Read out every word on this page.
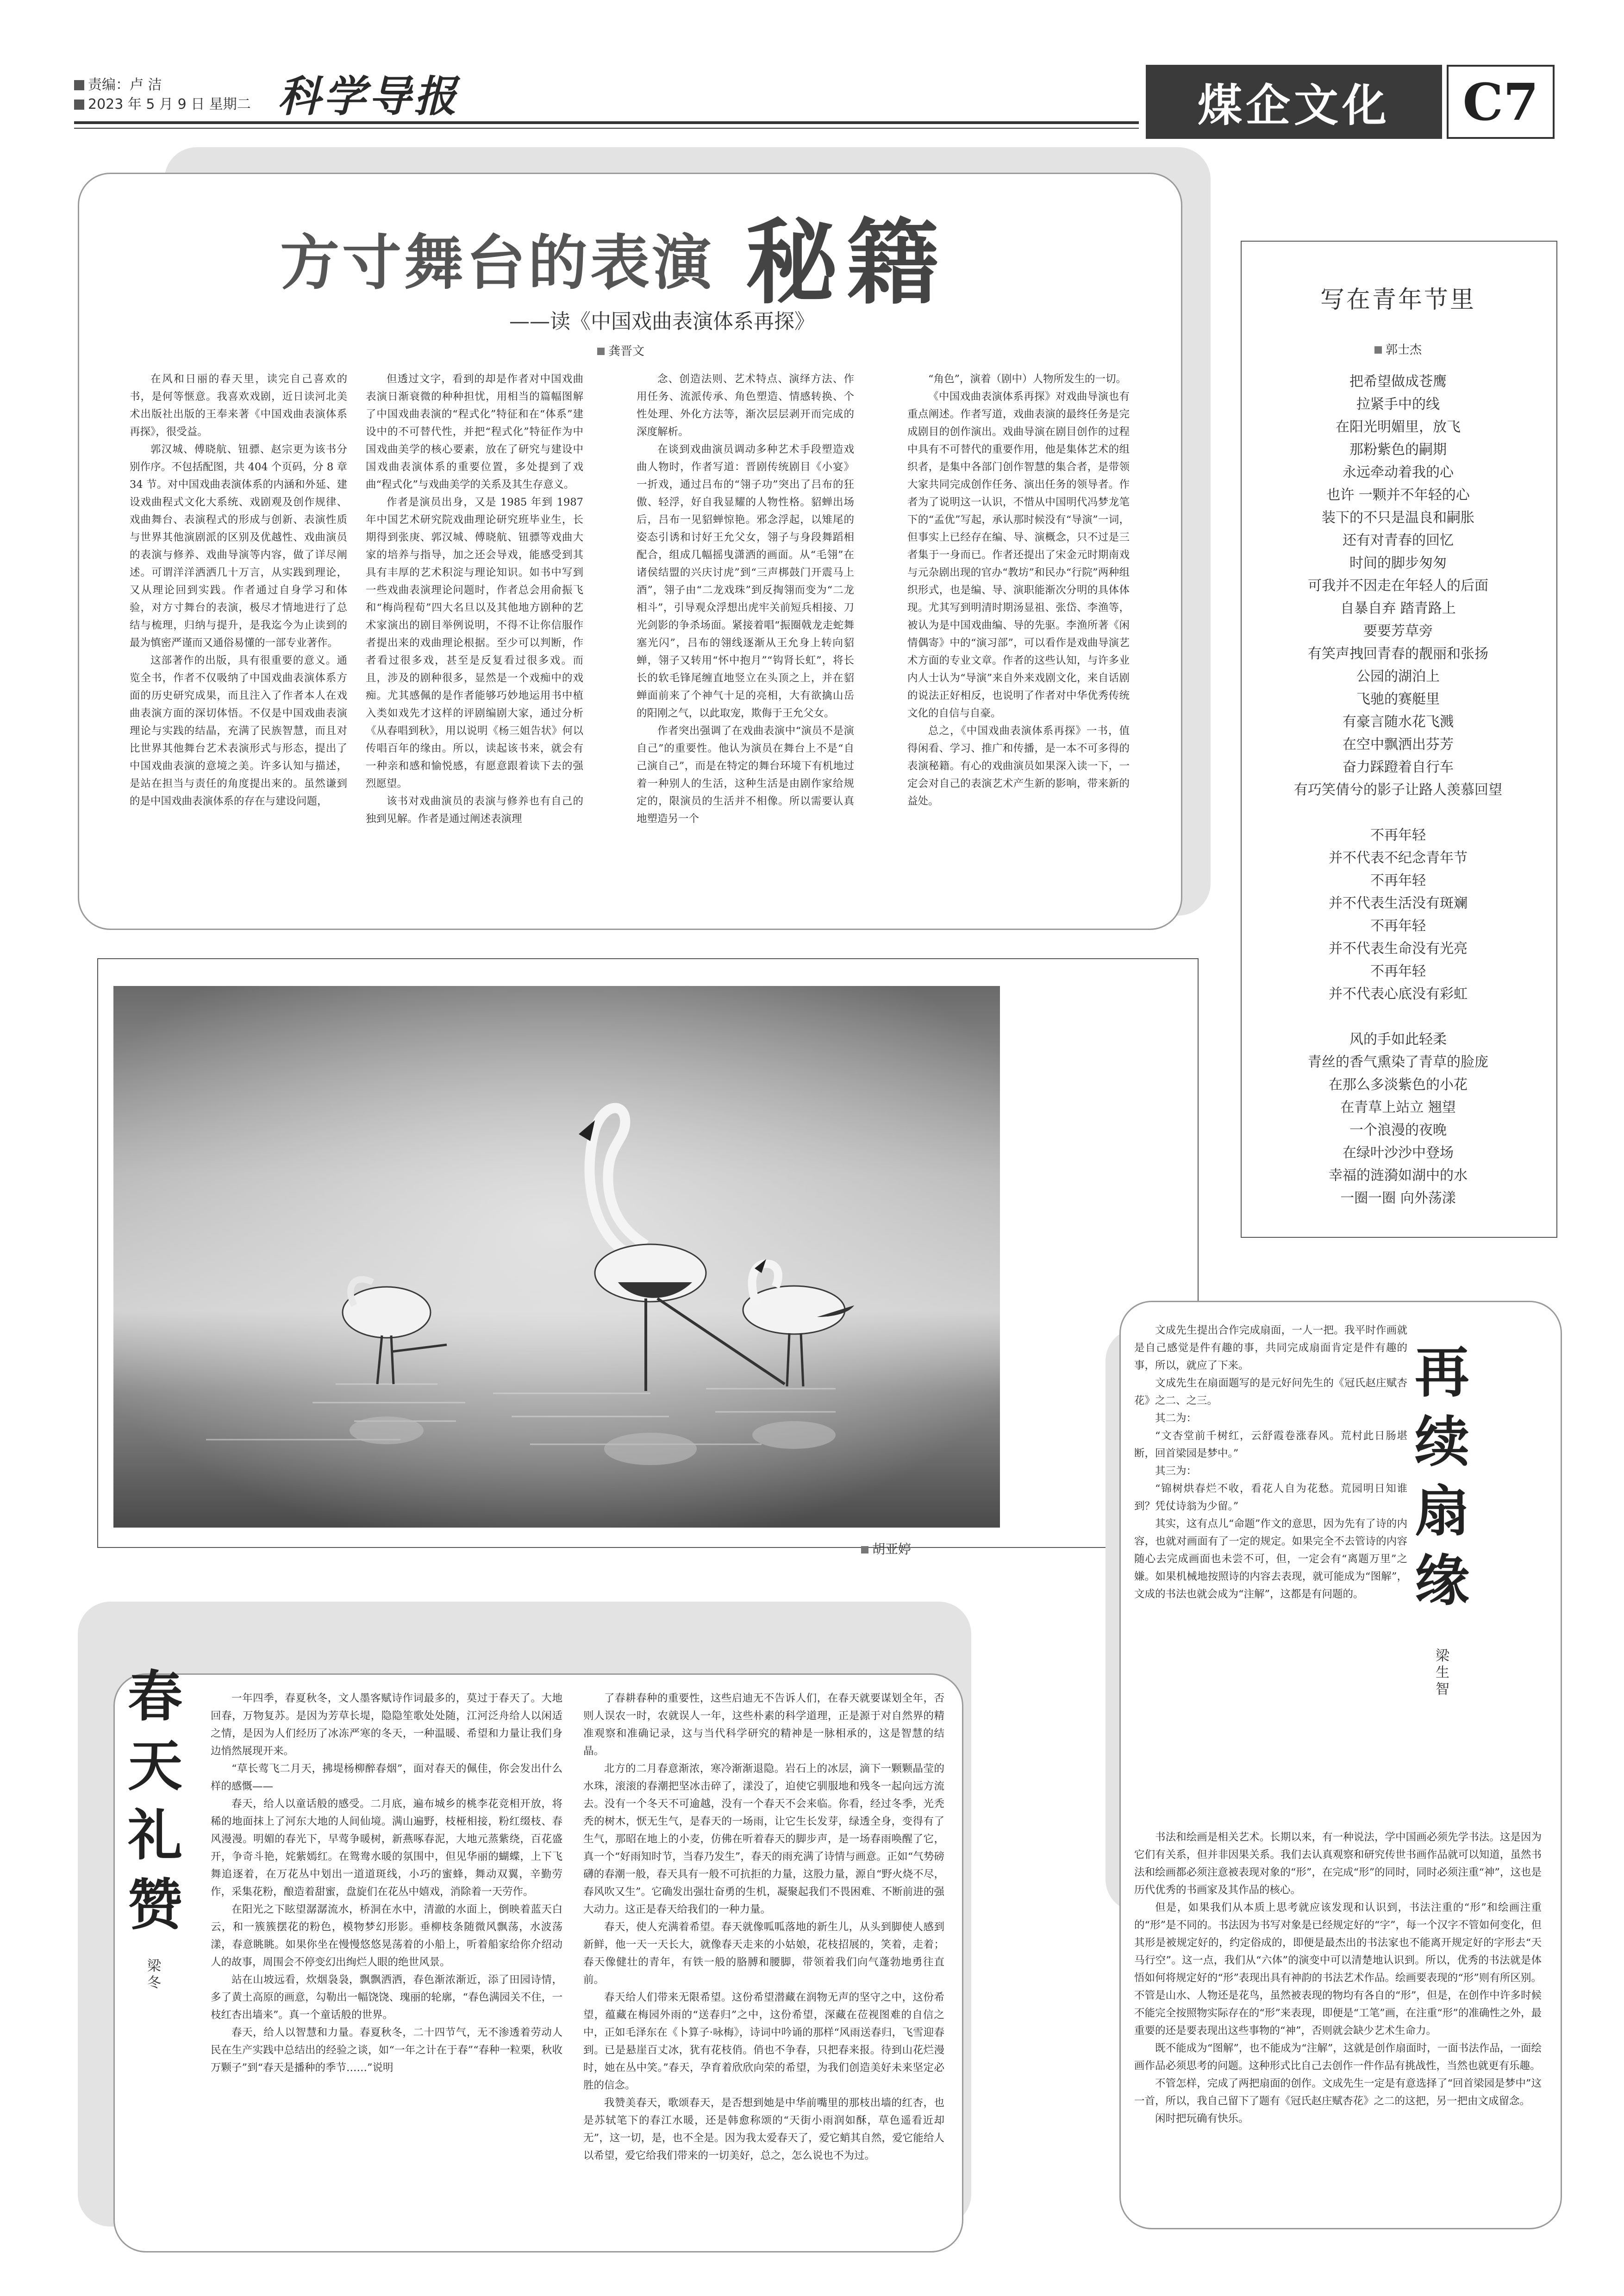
责编：卢 洁
2023 年 5 月 9 日 星期二 科学导报	煤企文化	C7
方寸舞台的表演 秘籍
——读《中国戏曲表演体系再探》
龚晋文

在风和日丽的春天里，读完自己喜欢的书，是何等惬意。我喜欢戏剧，近日读河北美术出版社出版的王奉来著《中国戏曲表演体系再探》，很受益。

郭汉城、傅晓航、钮骠、赵宗更为该书分别作序。不包括配图，共 404 个页码，分 8 章 34 节。对中国戏曲表演体系的内涵和外延、建设戏曲程式文化大系统、戏剧观及创作规律、戏曲舞台、表演程式的形成与创新、表演性质与世界其他演剧派的区别及优越性、戏曲演员的表演与修养、戏曲导演等内容，做了详尽阐述。可谓洋洋洒洒几十万言，从实践到理论，又从理论回到实践。作者通过自身学习和体验，对方寸舞台的表演，极尽才情地进行了总结与梳理，归纳与提升，是我迄今为止读到的最为慎密严谨而又通俗易懂的一部专业著作。

这部著作的出版，具有很重要的意义。通览全书，作者不仅吸纳了中国戏曲表演体系方面的历史研究成果，而且注入了作者本人在戏曲表演方面的深切体悟。不仅是中国戏曲表演理论与实践的结晶，充满了民族智慧，而且对比世界其他舞台艺术表演形式与形态，提出了中国戏曲表演的意境之美。许多认知与描述，是站在担当与责任的角度提出来的。虽然谦到的是中国戏曲表演体系的存在与建设问题，

但透过文字，看到的却是作者对中国戏曲表演日渐衰微的种种担忧，用相当的篇幅图解了中国戏曲表演的“程式化”特征和在“体系”建设中的不可替代性，并把“程式化”特征作为中国戏曲美学的核心要素，放在了研究与建设中国戏曲表演体系的重要位置，多处提到了戏曲“程式化”与戏曲美学的关系及其生存意义。

作者是演员出身，又是 1985 年到 1987 年中国艺术研究院戏曲理论研究班毕业生，长期得到张庚、郭汉城、傅晓航、钮骠等戏曲大家的培养与指导，加之还会导戏，能感受到其具有丰厚的艺术积淀与理论知识。如书中写到一些戏曲表演理论问题时，作者总会用俞振飞和“梅尚程荀”四大名旦以及其他地方剧种的艺术家演出的剧目举例说明，不得不让你信服作者提出来的戏曲理论根据。至少可以判断，作者看过很多戏，甚至是反复看过很多戏。而且，涉及的剧种很多，显然是一个戏痴中的戏痴。尤其感佩的是作者能够巧妙地运用书中植入类如戏先才这样的评剧编剧大家，通过分析《从春唱到秋》，用以说明《杨三姐告状》何以传唱百年的缘由。所以，读起该书来，就会有一种亲和感和愉悦感，有愿意跟着读下去的强烈愿望。

该书对戏曲演员的表演与修养也有自己的独到见解。作者是通过阐述表演理

念、创造法则、艺术特点、演绎方法、作用任务、流派传承、角色塑造、情感转换、个性处理、外化方法等，渐次层层剥开而完成的深度解析。

在谈到戏曲演员调动多种艺术手段塑造戏曲人物时，作者写道：晋剧传统剧目《小宴》一折戏，通过吕布的“翎子功”突出了吕布的狂傲、轻浮，好自我显耀的人物性格。貂蝉出场后，吕布一见貂蝉惊艳。邪念浮起，以雉尾的姿态引诱和讨好王允父女，翎子与身段舞蹈相配合，组成几幅摇曳潇洒的画面。从“毛翎”在诸侯结盟的兴庆讨虎”到“三声梆鼓门开震马上酒”，翎子由“二龙戏珠”到反掏翎而变为“二龙相斗”，引导观众浮想出虎牢关前短兵相接、刀光剑影的争杀场面。紧接着唱“振圈戟龙走蛇舞塞光闪”，吕布的翎线逐渐从王允身上转向貂蝉，翎子又转用“怀中抱月”“钩肾长虹”，将长长的软毛锋尾缠直地竖立在头顶之上，并在貂蝉面前来了个神气十足的亮相，大有欲擒山岳的阳刚之气，以此取宠，欺侮于王允父女。

作者突出强调了在戏曲表演中“演员不是演自己”的重要性。他认为演员在舞台上不是“自己演自己”，而是在特定的舞台环境下有机地过着一种别人的生活，这种生活是由剧作家给规定的，限演员的生活并不相像。所以需要认真地塑造另一个

“角色”，演着（剧中）人物所发生的一切。

《中国戏曲表演体系再探》对戏曲导演也有重点阐述。作者写道，戏曲表演的最终任务是完成剧目的创作演出。戏曲导演在剧目创作的过程中具有不可替代的重要作用，他是集体艺术的组织者，是集中各部门创作智慧的集合者，是带领大家共同完成创作任务、演出任务的领导者。作者为了说明这一认识，不惜从中国明代冯梦龙笔下的“孟优”写起，承认那时候没有“导演”一词，但事实上已经存在编、导、演概念，只不过是三者集于一身而已。作者还提出了宋金元时期南戏与元杂剧出现的官办“教坊”和民办“行院”两种组织形式，也是编、导、演职能渐次分明的具体体现。尤其写到明清时期汤显祖、张岱、李渔等，被认为是中国戏曲编、导的先驱。李渔所著《闲情偶寄》中的“演习部”，可以看作是戏曲导演艺术方面的专业文章。作者的这些认知，与许多业内人士认为“导演”来自外来戏剧文化，来自话剧的说法正好相反，也说明了作者对中华优秀传统文化的自信与自豪。

总之，《中国戏曲表演体系再探》一书，值得闲看、学习、推广和传播，是一本不可多得的表演秘籍。有心的戏曲演员如果深入读一下，一定会对自己的表演艺术产生新的影响，带来新的益处。

写在青年节里
郭士杰
把希望做成苍鹰
拉紧手中的线
在阳光明媚里，放飞
那粉紫色的嗣期
永远牵动着我的心
也许 一颗并不年轻的心
装下的不只是温良和嗣胀
还有对青春的回忆
时间的脚步匆匆
可我并不因走在年轻人的后面
自暴自弃 踏青路上
要要芳草旁
有笑声拽回青春的靓丽和张扬
公园的湖泊上
飞驰的赛艇里
有豪言随水花飞溅
在空中飘洒出芬芳
奋力踩蹬着自行车
有巧笑倩兮的影子让路人羡慕回望
不再年轻
并不代表不纪念青年节
不再年轻
并不代表生活没有斑斓
不再年轻
并不代表生命没有光亮
不再年轻
并不代表心底没有彩虹
风的手如此轻柔
青丝的香气熏染了青草的脸庞
在那么多淡紫色的小花
在青草上站立 翘望
一个浪漫的夜晚
在绿叶沙沙中登场
幸福的涟漪如湖中的水
一圈一圈 向外荡漾
胡亚婷
春
天
礼
赞
梁
冬

一年四季，春夏秋冬，文人墨客赋诗作词最多的，莫过于春天了。大地回春，万物复苏。是因为芳草长堤，隐隐笙歌处处随，江河泛舟给人以闲适之情，是因为人们经历了冰冻严寒的冬天，一种温暖、希望和力量让我们身边悄然展现开来。

“草长莺飞二月天，拂堤杨柳醉春烟”，面对春天的佩佳，你会发出什么样的感慨——

春天，给人以童话般的感受。二月底，遍布城乡的桃李花竞相开放，将稀的地面抹上了河东大地的人间仙境。满山遍野，枝桠相接，粉红缀枝、春风漫漫。明媚的春光下，早莺争暖树，新燕啄春泥，大地元蒸紫绕，百花盛开，争奇斗艳，姹紫嫣红。在鸳鸯水暖的氛围中，但见华丽的蝴蝶，上下飞舞追逐着，在万花丛中划出一道道斑线，小巧的蜜蜂，舞动双翼，辛勤劳作，采集花粉，酿造着甜蜜，盘旋们在花丛中嬉戏，消除着一天劳作。

在阳光之下眩望潺潺流水，桥洞在水中，清澈的水面上，倒映着蓝天白云，和一簇簇摆花的粉色，模物梦幻形影。垂柳枝条随微风飘荡，水波荡漾，春意眺眺。如果你坐在慢慢悠悠晃荡着的小船上，听着船家给你介绍动人的故事，周围会不停变幻出绚烂人眼的绝世风景。

站在山坡远看，炊烟袅袅，飘飘洒洒，春色渐浓渐近，添了田园诗情，多了黄土高原的画意，勾勒出一幅饶饶、瑰丽的轮廓，“春色满园关不住，一枝红杏出墙来”。真一个童话般的世界。

春天，给人以智慧和力量。春夏秋冬，二十四节气，无不渗透着劳动人民在生产实践中总结出的经验之谈，如“一年之计在于春”“春种一粒栗，秋收万颗子”到“春天是播种的季节……”说明

了春耕春种的重要性，这些启迪无不告诉人们，在春天就要谋划全年，否则人误农一时，农就误人一年，这些朴素的科学道理，正是源于对自然界的精准观察和准确记录，这与当代科学研究的精神是一脉相承的，这是智慧的结晶。

北方的二月春意渐浓，寒冷渐渐退隐。岩石上的冰层，滴下一颗颗晶莹的水珠，滚滚的春潮把坚冰击碎了，漾没了，迫使它驯服地和残冬一起向远方流去。没有一个冬天不可逾越，没有一个春天不会来临。你看，经过冬季，光秃秃的树木，恹无生气，是春天的一场雨，让它生长发芽，绿透全身，变得有了生气，那昭在地上的小麦，仿佛在听着春天的脚步声，是一场春雨唤醒了它，真一个“好雨知时节，当春乃发生”，春天的雨充满了诗情与画意。正如“气势磅礴的春潮一般，春天具有一般不可抗拒的力量，这股力量，源自“野火烧不尽，春风吹又生”。它确发出强壮奋勇的生机，凝聚起我们不畏困难、不断前进的强大动力。这正是春天给我们的一种力量。

春天，使人充满着希望。春天就像呱呱落地的新生儿，从头到脚使人感到新鲜，他一天一天长大，就像春天走来的小姑娘，花枝招展的，笑着，走着；春天像健壮的青年，有铁一般的胳膊和腰脚，带领着我们向气蓬勃地勇往直前。

春天给人们带来无限希望。这份希望潜藏在润物无声的坚守之中，这份希望，蕴藏在梅园外雨的“送春归”之中，这份希望，深藏在莅视图难的自信之中，正如毛泽东在《卜算子·咏梅》，诗词中吟诵的那样“风雨送春归，飞雪迎春到。已是悬崖百丈冰，犹有花枝俏。俏也不争春，只把春来报。待到山花烂漫时，她在丛中笑。”春天，孕育着欣欣向荣的希望，为我们创造美好未来坚定必胜的信念。

我赞美春天，歌颂春天，是否想到她是中华前嘴里的那枝出墙的红杏，也是苏轼笔下的春江水暖，还是韩愈称颂的“天街小雨润如酥，草色遥看近却无”，这一切，是，也不全是。因为我太爱春天了，爱它蛸其自然，爱它能给人以希望，爱它给我们带来的一切美好，总之，怎么说也不为过。

再
续
扇
缘
梁
生
智

文成先生提出合作完成扇面，一人一把。我平时作画就是自己感觉是件有趣的事，共同完成扇面肯定是件有趣的事，所以，就应了下来。

文成先生在扇面题写的是元好问先生的《冠氏赵庄赋杏花》之二、之三。

其二为：

“文杏堂前千树红，云舒霞卷涨春风。荒村此日肠堪断，回首梁园是梦中。”

其三为：

“锦树烘春烂不收，看花人自为花愁。荒园明日知谁到？凭仗诗翁为少留。”

其实，这有点儿“命题”作文的意思，因为先有了诗的内容，也就对画面有了一定的规定。如果完全不去管诗的内容随心去完成画面也未尝不可，但，一定会有“离题万里”之嫌。如果机械地按照诗的内容去表现，就可能成为“图解”，文成的书法也就会成为“注解”，这都是有问题的。

书法和绘画是相关艺术。长期以来，有一种说法，学中国画必须先学书法。这是因为它们有关系，但并非因果关系。我们去认真观察和研究传世书画作品就可以知道，虽然书法和绘画都必须注意被表现对象的“形”，在完成“形”的同时，同时必须注重“神”，这也是历代优秀的书画家及其作品的核心。

但是，如果我们从本质上思考就应该发现和认识到，书法注重的“形”和绘画注重的“形”是不同的。书法因为书写对象是已经规定好的“字”，每一个汉字不管如何变化，但其形是被规定好的，约定俗成的，即便是最杰出的书法家也不能离开规定好的字形去“天马行空”。这一点，我们从“六体”的演变中可以清楚地认识到。所以，优秀的书法就是体悟如何将规定好的“形”表现出具有神韵的书法艺术作品。绘画要表现的“形”则有所区别。不管是山水、人物还是花鸟，虽然被表现的物均有各自的“形”，但是，在创作中许多时候不能完全按照物实际存在的“形”来表现，即便是“工笔”画，在注重“形”的准确性之外，最重要的还是要表现出这些事物的“神”，否则就会缺少艺术生命力。

既不能成为“图解”，也不能成为“注解”，这就是创作扇面时，一面书法作品，一面绘画作品必须思考的问题。这种形式比自己去创作一件作品有挑战性，当然也就更有乐趣。

不管怎样，完成了两把扇面的创作。文成先生一定是有意选择了“回首梁园是梦中”这一首，所以，我自己留下了题有《冠氏赵庄赋杏花》之二的这把，另一把由文成留念。

闲时把玩确有快乐。
